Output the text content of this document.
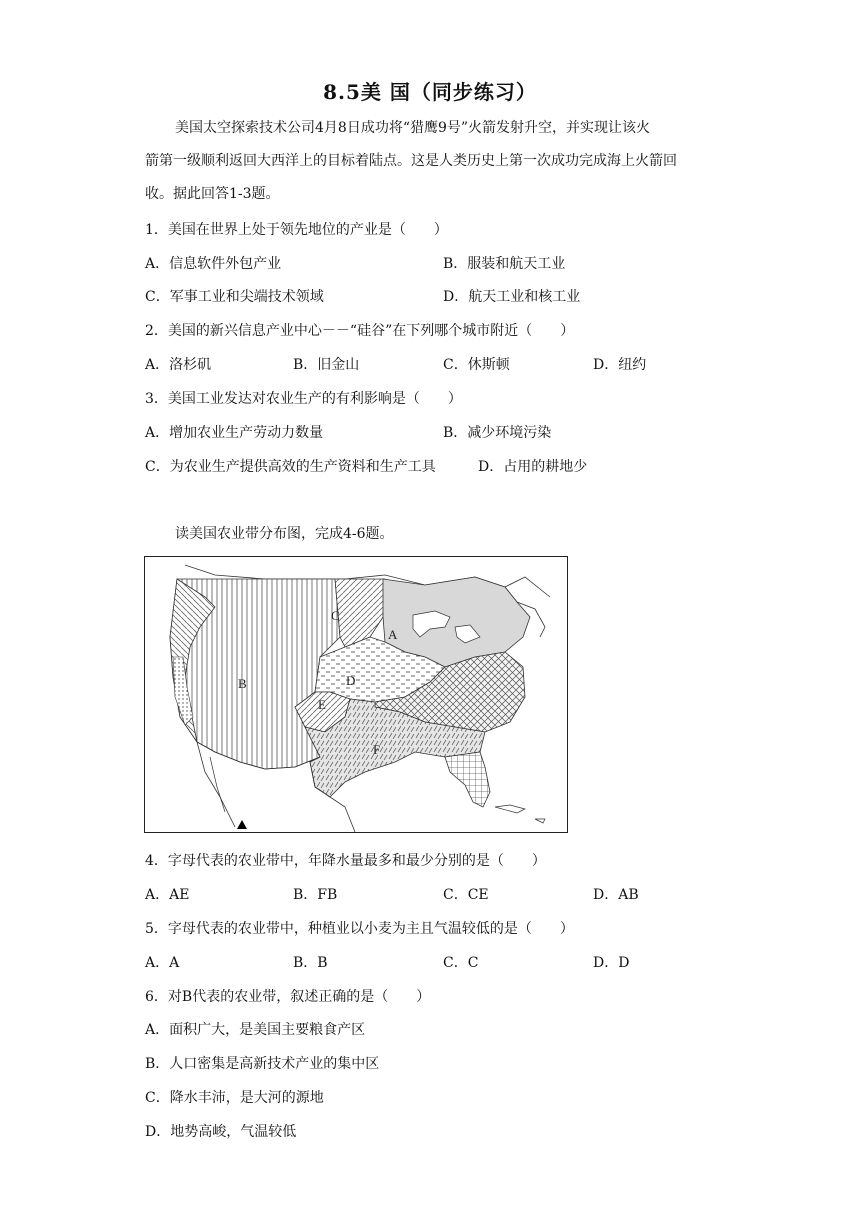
8.5美 国（同步练习）
美国太空探索技术公司4月8日成功将“猎鹰9号”火箭发射升空，并实现让该火
箭第一级顺利返回大西洋上的目标着陆点。这是人类历史上第一次成功完成海上火箭回
收。据此回答1-3题。
1．美国在世界上处于领先地位的产业是（　　）
A．信息软件外包产业	B．服装和航天工业
C．军事工业和尖端技术领域	D．航天工业和核工业
2．美国的新兴信息产业中心－－“硅谷”在下列哪个城市附近（　　）
A．洛杉矶	B．旧金山	C．休斯顿	D．纽约
3．美国工业发达对农业生产的有利影响是（　　）
A．增加农业生产劳动力数量	B．减少环境污染
C．为农业生产提供高效的生产资料和生产工具	D．占用的耕地少
读美国农业带分布图，完成4-6题。
A
B
C
D
E
F
4．字母代表的农业带中，年降水量最多和最少分别的是（　　）
A．AE	B．FB	C．CE	D．AB
5．字母代表的农业带中，种植业以小麦为主且气温较低的是（　　）
A．A	B．B	C．C	D．D
6．对B代表的农业带，叙述正确的是（　　）
A．面积广大，是美国主要粮食产区
B．人口密集是高新技术产业的集中区
C．降水丰沛，是大河的源地
D．地势高峻，气温较低
